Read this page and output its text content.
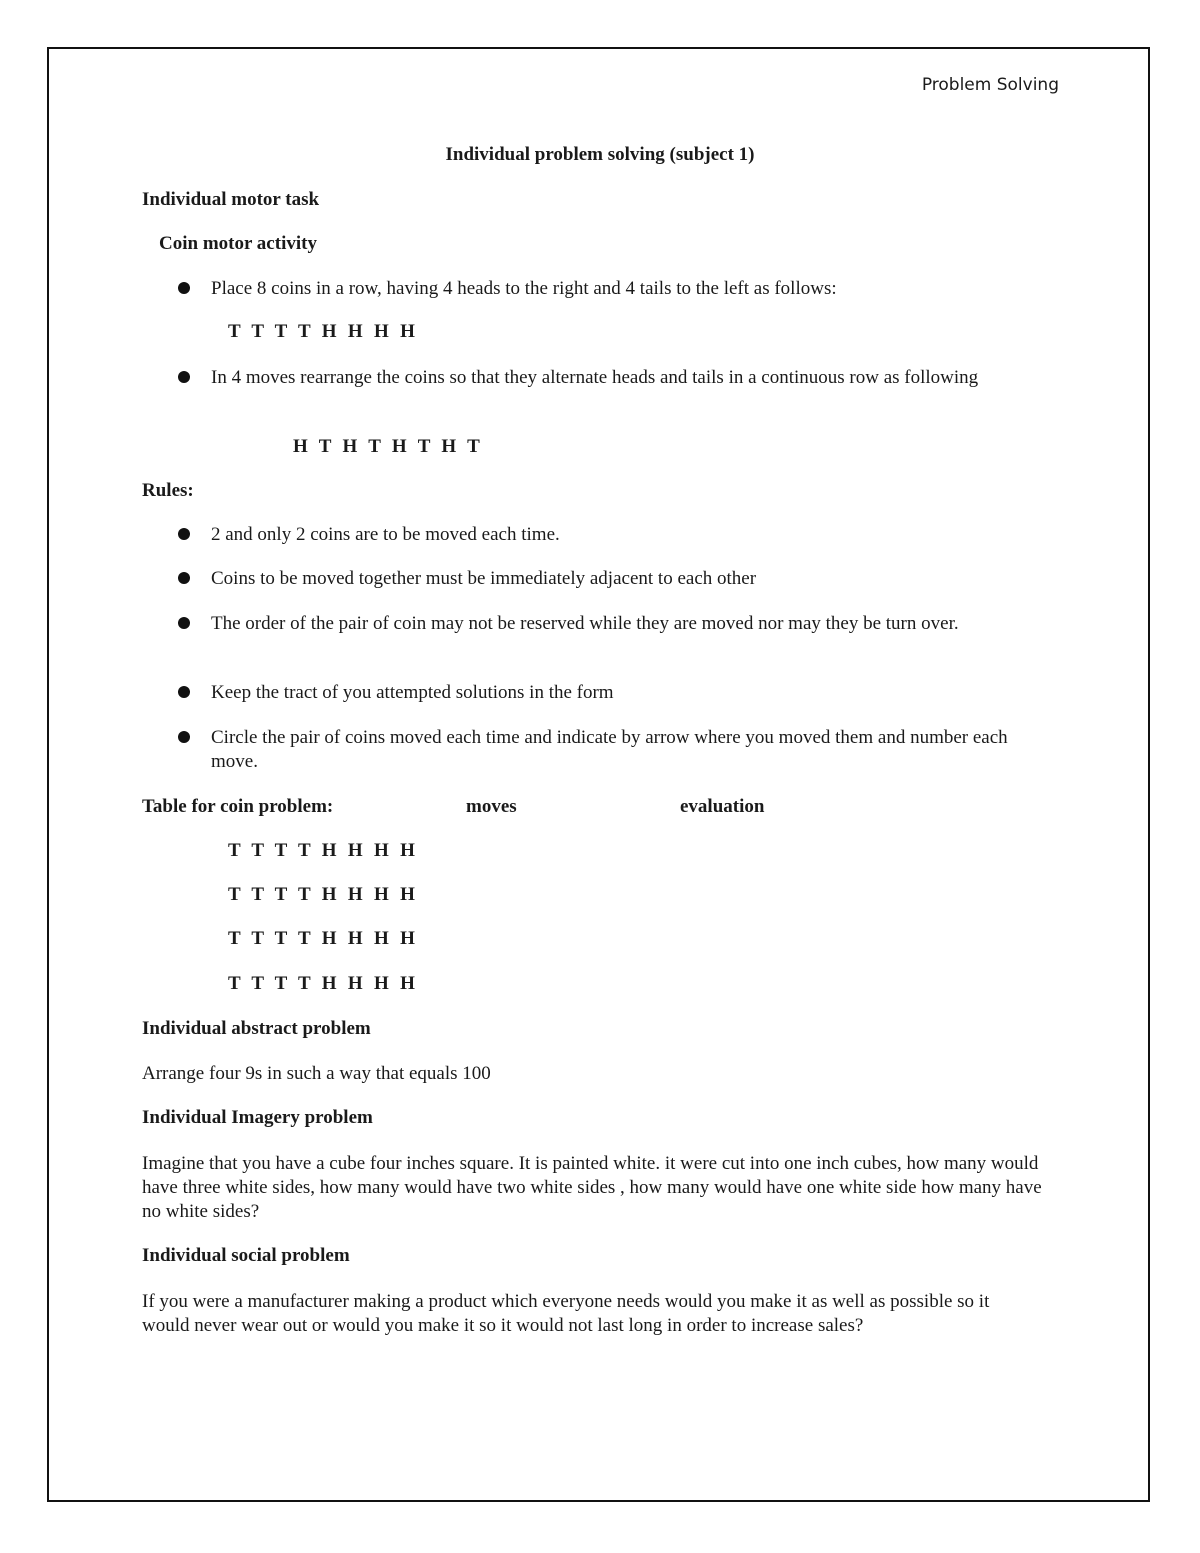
Problem Solving
Individual problem solving (subject 1)
Individual motor task
Coin motor activity
Place 8 coins in a row, having 4 heads to the right and 4 tails to the left as follows:
T T T T H H H H
In 4 moves rearrange the coins so that they alternate heads and tails in a continuous row as following
H T H T H T H T
Rules:
2 and only 2 coins are to be moved each time.
Coins to be moved together must be immediately adjacent to each other
The order of the pair of coin may not be reserved while they are moved nor may they be turn over.
Keep the tract of you attempted solutions in the form
Circle the pair of coins moved each time and indicate by arrow where you moved them and number each move.
Table for coin problem:	moves	evaluation
T T T T H H H H
T T T T H H H H
T T T T H H H H
T T T T H H H H
Individual abstract problem
Arrange four 9s in such a way that equals 100
Individual Imagery problem
Imagine that you have a cube four inches square. It is painted white. it were cut into one inch cubes, how many would have three white sides, how many would have two white sides , how many would have one white side how many have no white sides?
Individual social problem
If you were a manufacturer making a product which everyone needs would you make it as well as possible so it would never wear out or would you make it so it would not last long in order to increase sales?
